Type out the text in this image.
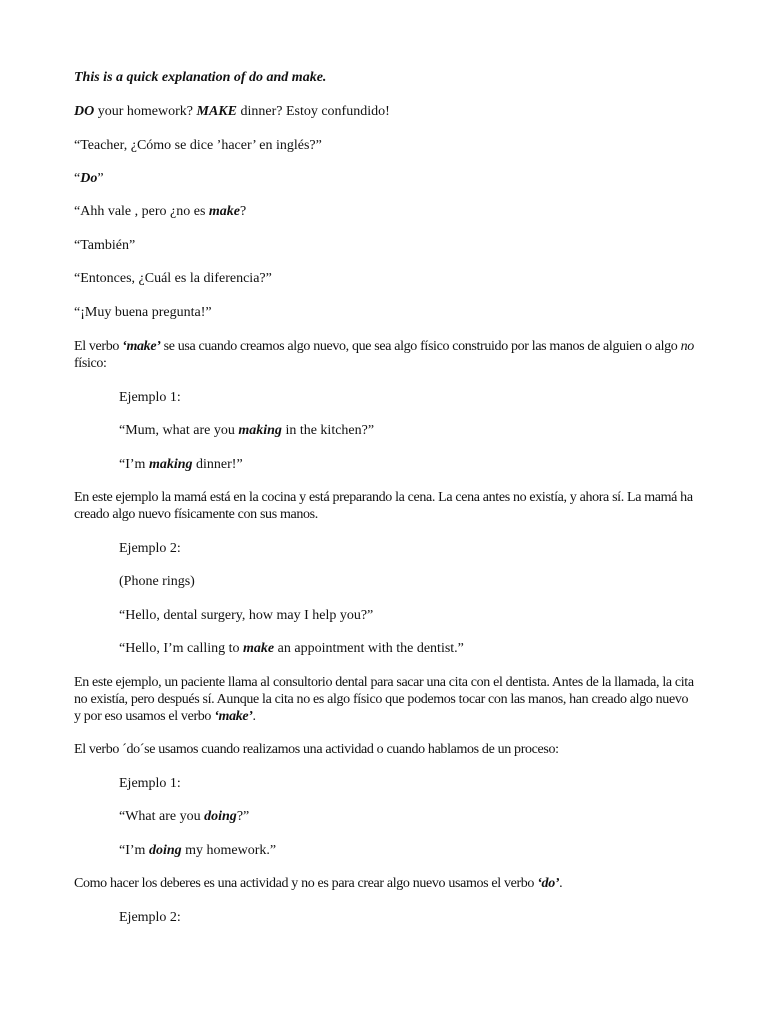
This is a quick explanation of do and make.

DO your homework? MAKE dinner? Estoy confundido!

“Teacher, ¿Cómo se dice ’hacer’ en inglés?”

“Do”

“Ahh vale , pero ¿no es make?

“También”

“Entonces, ¿Cuál es la diferencia?”

“¡Muy buena pregunta!”

El verbo ‘make’ se usa cuando creamos algo nuevo, que sea algo físico construido por las manos de alguien o algo no físico:

Ejemplo 1:

“Mum, what are you making in the kitchen?”

“I’m making dinner!”

En este ejemplo la mamá está en la cocina y está preparando la cena. La cena antes no existía, y ahora sí. La mamá ha creado algo nuevo físicamente con sus manos.

Ejemplo 2:

(Phone rings)

“Hello, dental surgery, how may I help you?”

“Hello, I’m calling to make an appointment with the dentist.”

En este ejemplo, un paciente llama al consultorio dental para sacar una cita con el dentista. Antes de la llamada, la cita no existía, pero después sí. Aunque la cita no es algo físico que podemos tocar con las manos, han creado algo nuevo y por eso usamos el verbo ‘make’.

El verbo ´do´se usamos cuando realizamos una actividad o cuando hablamos de un proceso:

Ejemplo 1:

“What are you doing?”

“I’m doing my homework.”

Como hacer los deberes es una actividad y no es para crear algo nuevo usamos el verbo ‘do’.

Ejemplo 2:
